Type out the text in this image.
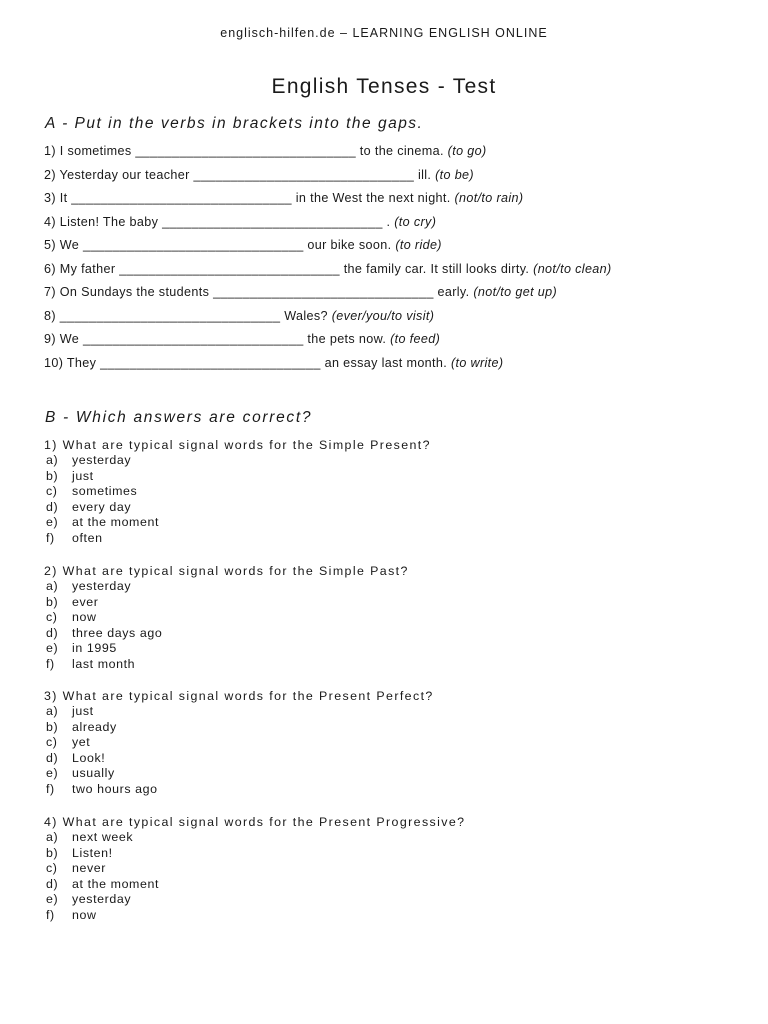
englisch-hilfen.de – LEARNING ENGLISH ONLINE
English Tenses - Test
A - Put in the verbs in brackets into the gaps.
1) I sometimes ______________________________ to the cinema. (to go)
2) Yesterday our teacher ______________________________ ill. (to be)
3) It ______________________________ in the West the next night. (not/to rain)
4) Listen! The baby ______________________________ . (to cry)
5) We ______________________________ our bike soon. (to ride)
6) My father ______________________________ the family car. It still looks dirty. (not/to clean)
7) On Sundays the students ______________________________ early. (not/to get up)
8) ______________________________ Wales? (ever/you/to visit)
9) We ______________________________ the pets now. (to feed)
10) They ______________________________ an essay last month. (to write)
B - Which answers are correct?
1) What are typical signal words for the Simple Present?
a) yesterday
b) just
c) sometimes
d) every day
e) at the moment
f) often
2) What are typical signal words for the Simple Past?
a) yesterday
b) ever
c) now
d) three days ago
e) in 1995
f) last month
3) What are typical signal words for the Present Perfect?
a) just
b) already
c) yet
d) Look!
e) usually
f) two hours ago
4) What are typical signal words for the Present Progressive?
a) next week
b) Listen!
c) never
d) at the moment
e) yesterday
f) now
